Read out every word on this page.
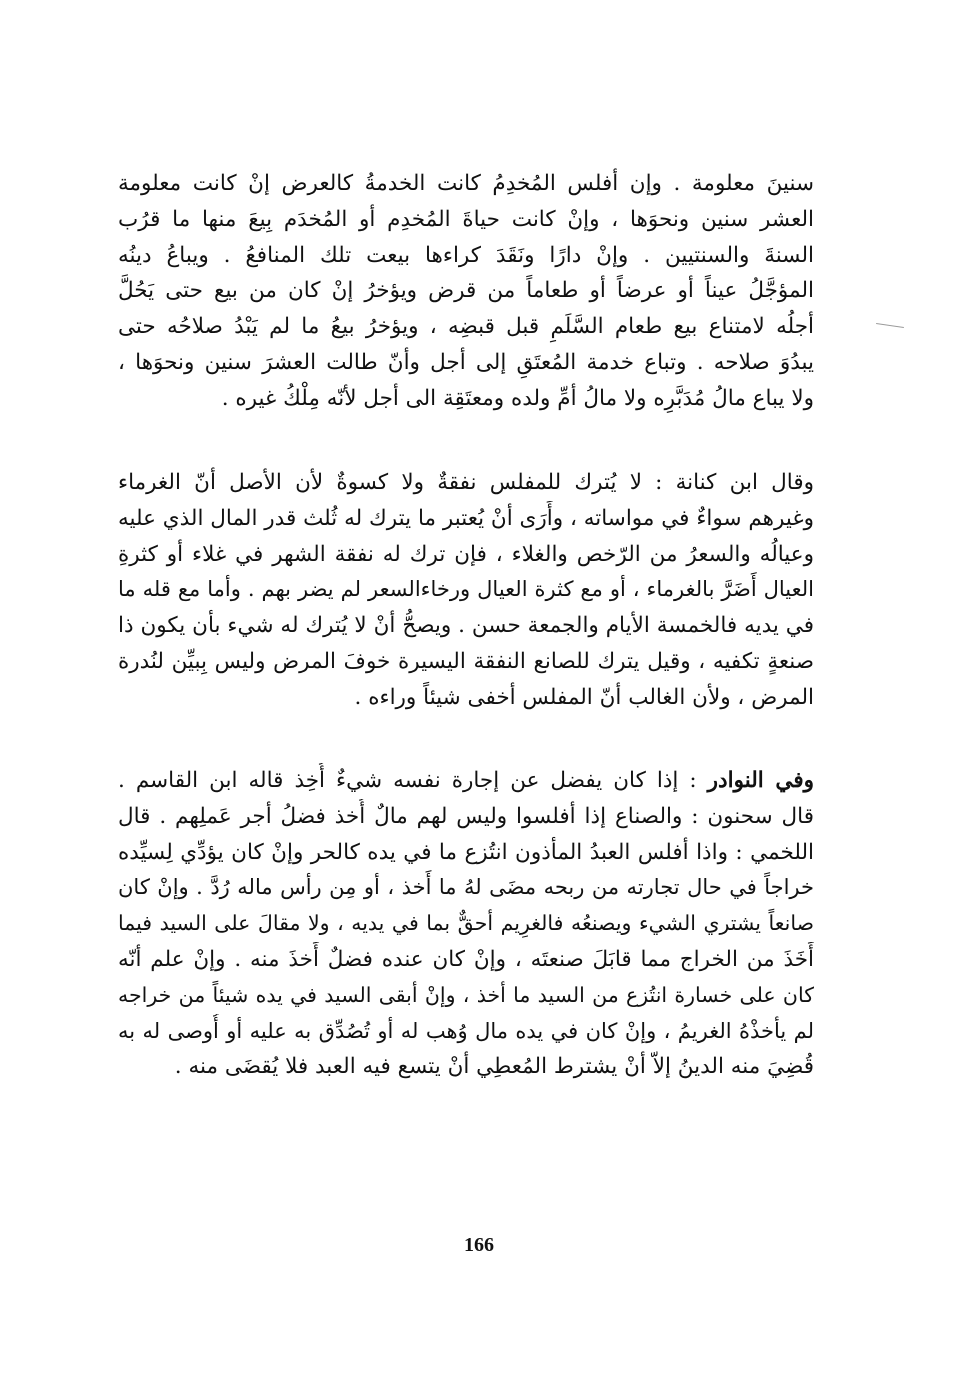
سنينَ معلومة . وإن أفلس المُخدِمُ كانت الخدمةُ كالعرض إنْ كانت معلومة
العشر سنين ونحوَها ، وإنْ كانت حياةَ المُخدِم أو المُخدَم بِيعَ منها ما قرُب
السنةَ والسنتيين . وإنْ دارًا ونَقَدَ كراءها بيعت تلك المنافعُ . ويباعُ دينُه
المؤجَّلُ عيناً أو عرضاً أو طعاماً من قرض ويؤخرُ إنْ كان من بيع حتى يَحُلَّ
أجلُه لامتناع بيع طعام السَّلَمِ قبل قبضِه ، ويؤخرُ بيعُ ما لم يَبْدُ صلاحُه حتى
يبدُوَ صلاحه . وتباع خدمة المُعتَقِ إلى أجل وأنّ طالت العشرَ سنين ونحوَها ،
ولا يباع مالُ مُدَبَّرِه ولا مالُ أمِّ ولده ومعتَقِة الى أجل لأنّه مِلْكُ غيره .
وقال ابن كنانة : لا يُترك للمفلس نفقةٌ ولا كسوةٌ لأن الأصل أنّ الغرماء
وغيرهم سواءٌ في مواساته ، وأَرَى أنْ يُعتبر ما يترك له ثُلث قدر المال الذي عليه
وعيالُه والسعرُ من الرّخص والغلاء ، فإن ترك له نفقة الشهر في غلاء أو كثرةِ
العيال أَضَرَّ بالغرماء ، أو مع كثرة العيال ورخاءالسعر لم يضر بهم . وأما مع قله ما
في يديه فالخمسة الأيام والجمعة حسن . ويصحُّ أنْ لا يُترك له شيء بأن يكون ذا
صنعةٍ تكفيه ، وقيل يترك للصانع النفقة اليسيرة خوفَ المرض وليس بِبيِّن لنُدرة
المرض ، ولأن الغالب أنّ المفلس أخفى شيئاً وراءه .
وفي النوادر : إذا كان يفضل عن إجارة نفسه شيءٌ أُخِذ قاله ابن القاسم .
قال سحنون : والصناع إذا أفلسوا وليس لهم مالٌ أُخذ فضلُ أجر عَملِهم . قال
اللخمي : واذا أفلس العبدُ المأذون انتُزع ما في يده كالحر وإنْ كان يؤدِّي لِسيِّده
خراجاً في حال تجارته من ربحه مضَى لهُ ما أَخذ ، أو مِن رأس ماله رُدَّ . وإنْ كان
صانعاً يشتري الشيء ويصنعُه فالغرِيم أحقٌّ بما في يديه ، ولا مقالَ على السيد فيما
أَخَذَ من الخراج مما قابَلَ صنعتَه ، وإنْ كان عنده فضلٌ أَخذَ منه . وإنْ علم أنّه
كان على خسارة انتُزع من السيد ما أخذ ، وإنْ أبقى السيد في يده شيئاً من خراجه
لم يأخذْهُ الغريمُ ، وإنْ كان في يده مال وُهب له أو تُصُدِّق به عليه أو أُوصى له به
قُضِيَ منه الدينُ إلاّ أنْ يشترط المُعطِي أنْ يتسع فيه العبد فلا يُقضَى منه .
166
